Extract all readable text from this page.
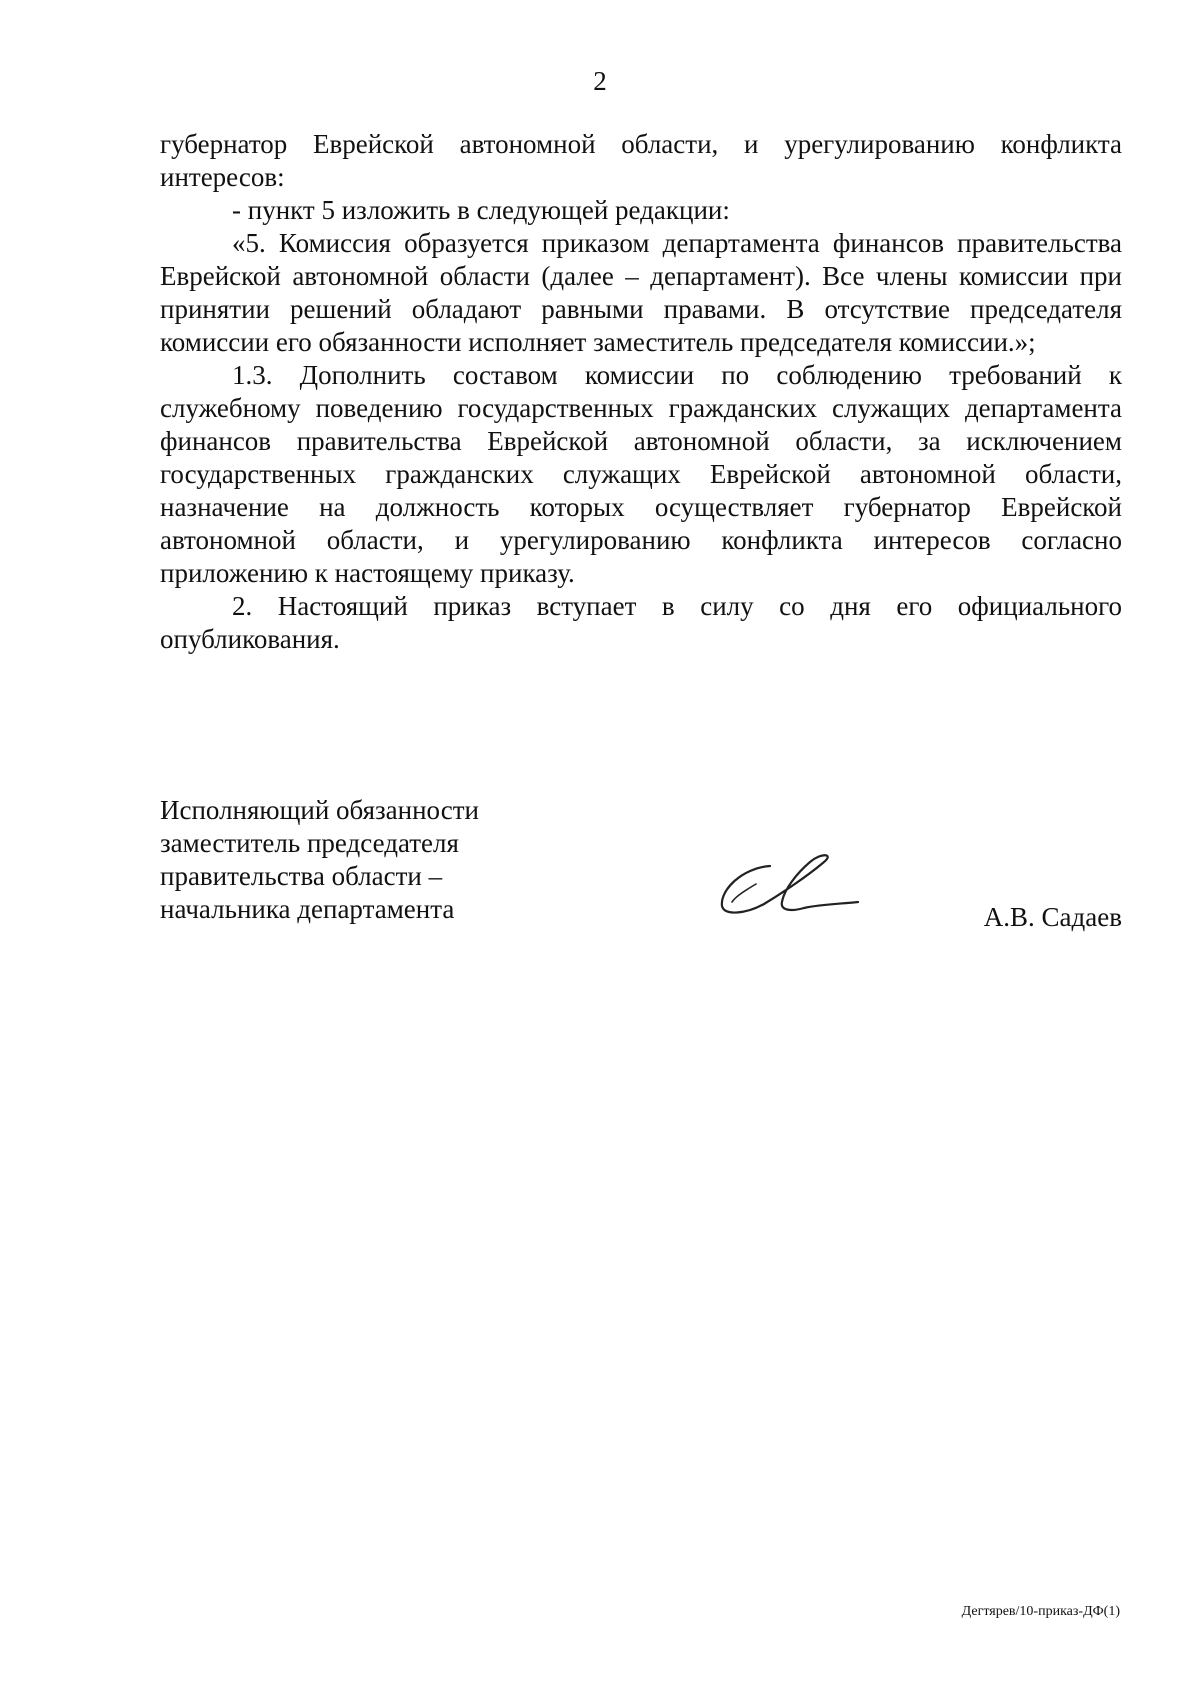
2

губернатор Еврейской автономной области, и урегулированию конфликта интересов:

- пункт 5 изложить в следующей редакции:

«5. Комиссия образуется приказом департамента финансов правительства Еврейской автономной области (далее – департамент). Все члены комиссии при принятии решений обладают равными правами. В отсутствие председателя комиссии его обязанности исполняет заместитель председателя комиссии.»;

1.3. Дополнить составом комиссии по соблюдению требований к служебному поведению государственных гражданских служащих департамента финансов правительства Еврейской автономной области, за исключением государственных гражданских служащих Еврейской автономной области, назначение на должность которых осуществляет губернатор Еврейской автономной области, и урегулированию конфликта интересов согласно приложению к настоящему приказу.

2. Настоящий приказ вступает в силу со дня его официального опубликования.

Исполняющий обязанности
заместитель председателя
правительства области –
начальника департамента	А.В. Садаев
Дегтярев/10-приказ-ДФ(1)
